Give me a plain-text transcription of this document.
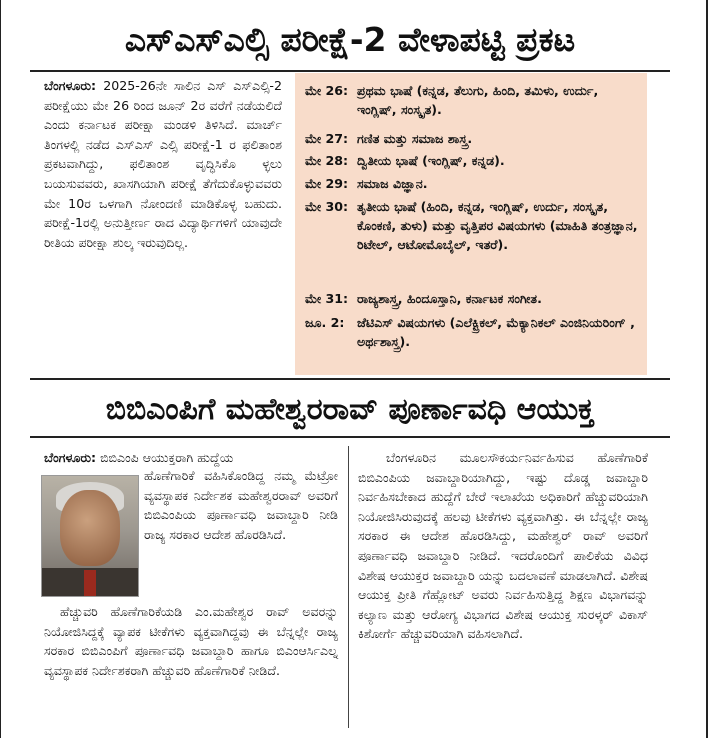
ಎಸ್ಎಸ್ಎಲ್ಸಿ ಪರೀಕ್ಷೆ-2 ವೇಳಾಪಟ್ಟಿ ಪ್ರಕಟ

ಬೆಂಗಳೂರು: 2025-26ನೇ ಸಾಲಿನ ಎಸ್ ಎಸ್ಎಲ್ಸಿ-2 ಪರೀಕ್ಷೆಯು ಮೇ 26 ರಿಂದ ಜೂನ್ 2ರ ವರೆಗೆ ನಡೆಯಲಿದೆ ಎಂದು ಕರ್ನಾಟಕ ಪರೀಕ್ಷಾ ಮಂಡಳಿ ತಿಳಿಸಿದೆ. ಮಾರ್ಚ್ ತಿಂಗಳಲ್ಲಿ ನಡೆದ ಎಸ್ಎಸ್ ಎಲ್ಸಿ ಪರೀಕ್ಷೆ-1 ರ ಫಲಿತಾಂಶ ಪ್ರಕಟವಾಗಿದ್ದು, ಫಲಿತಾಂಶ ವೃದ್ಧಿಸಿಕೊ ಳ್ಳಲು ಬಯಸುವವರು, ಖಾಸಗಿಯಾಗಿ ಪರೀಕ್ಷೆ ತೆಗೆದುಕೊಳ್ಳುವವರು ಮೇ 10ರ ಒಳಗಾಗಿ ನೋಂದಣಿ ಮಾಡಿಕೊಳ್ಳ ಬಹುದು. ಪರೀಕ್ಷೆ-1ರಲ್ಲಿ ಅನುತ್ತೀರ್ಣ ರಾದ ವಿದ್ಯಾರ್ಥಿಗಳಿಗೆ ಯಾವುದೇ ರೀತಿಯ ಪರೀಕ್ಷಾ ಶುಲ್ಕ ಇರುವುದಿಲ್ಲ.

ಮೇ 26: ಪ್ರಥಮ ಭಾಷೆ (ಕನ್ನಡ, ತೆಲುಗು, ಹಿಂದಿ, ತಮಿಳು, ಉರ್ದು, ಇಂಗ್ಲಿಷ್, ಸಂಸ್ಕೃತ).
ಮೇ 27: ಗಣಿತ ಮತ್ತು ಸಮಾಜ ಶಾಸ್ತ್ರ.
ಮೇ 28: ದ್ವಿತೀಯ ಭಾಷೆ (ಇಂಗ್ಲಿಷ್, ಕನ್ನಡ).
ಮೇ 29: ಸಮಾಜ ವಿಜ್ಞಾನ.
ಮೇ 30: ತೃತೀಯ ಭಾಷೆ (ಹಿಂದಿ, ಕನ್ನಡ, ಇಂಗ್ಲಿಷ್, ಉರ್ದು, ಸಂಸ್ಕೃತ, ಕೊಂಕಣಿ, ತುಳು) ಮತ್ತು ವೃತ್ತಿಪರ ವಿಷಯಗಳು (ಮಾಹಿತಿ ತಂತ್ರಜ್ಞಾನ, ರಿಟೇಲ್, ಆಟೋಮೊಬೈಲ್, ಇತರೆ).
ಮೇ 31: ರಾಜ್ಯಶಾಸ್ತ್ರ, ಹಿಂದೂಸ್ತಾನಿ, ಕರ್ನಾಟಕ ಸಂಗೀತ.
ಜೂ. 2: ಜೆಟಿಎಸ್ ವಿಷಯಗಳು (ಎಲೆಕ್ಟ್ರಿಕಲ್, ಮೆಕ್ಯಾನಿಕಲ್ ಎಂಜಿನಿಯರಿಂಗ್ , ಅರ್ಥಶಾಸ್ತ್ರ).
ಬಿಬಿಎಂಪಿಗೆ ಮಹೇಶ್ವರರಾವ್ ಪೂರ್ಣಾವಧಿ ಆಯುಕ್ತ

ಬೆಂಗಳೂರು: ಬಿಬಿಎಂಪಿ ಆಯುಕ್ತರಾಗಿ ಹುದ್ದೆಯ

ಹೊಣೆಗಾರಿಕೆ ವಹಿಸಿಕೊಂಡಿದ್ದ ನಮ್ಮ ಮೆಟ್ರೋ ವ್ಯವಸ್ಥಾಪಕ ನಿರ್ದೇಶಕ ಮಹೇಶ್ವರರಾವ್ ಅವರಿಗೆ ಬಿಬಿಎಂಪಿಯ ಪೂರ್ಣಾವಧಿ ಜವಾಬ್ದಾರಿ ನೀಡಿ ರಾಜ್ಯ ಸರಕಾರ ಆದೇಶ ಹೊರಡಿಸಿದೆ.

ಹೆಚ್ಚುವರಿ ಹೊಣೆಗಾರಿಕೆಯಡಿ ಎಂ.ಮಹೇಶ್ವರ ರಾವ್ ಅವರನ್ನು ನಿಯೋಜಿಸಿದ್ದಕ್ಕೆ ವ್ಯಾಪಕ ಟೀಕೆಗಳು ವ್ಯಕ್ತವಾಗಿದ್ದವು ಈ ಬೆನ್ನಲ್ಲೇ ರಾಜ್ಯ ಸರಕಾರ ಬಿಬಿಎಂಪಿಗೆ ಪೂರ್ಣಾವಧಿ ಜವಾಬ್ದಾರಿ ಹಾಗೂ ಬಿಎಂಆರ್ಸಿಎಲ್ನ ವ್ಯವಸ್ಥಾಪಕ ನಿರ್ದೇಶಕರಾಗಿ ಹೆಚ್ಚುವರಿ ಹೊಣೆಗಾರಿಕೆ ನೀಡಿದೆ.

ಬೆಂಗಳೂರಿನ ಮೂಲಸೌಕರ್ಯನಿರ್ವಹಿಸುವ ಹೊಣೆಗಾರಿಕೆ ಬಿಬಿಎಂಪಿಯ ಜವಾಬ್ದಾರಿಯಾಗಿದ್ದು, ಇಷ್ಟು ದೊಡ್ಡ ಜವಾಬ್ದಾರಿ ನಿರ್ವಹಿಸಬೇಕಾದ ಹುದ್ದೆಗೆ ಬೇರೆ ಇಲಾಖೆಯ ಅಧಿಕಾರಿಗೆ ಹೆಚ್ಚುವರಿಯಾಗಿ ನಿಯೋಜಿಸಿರುವುದಕ್ಕೆ ಹಲವು ಟೀಕೆಗಳು ವ್ಯಕ್ತವಾಗಿತ್ತು. ಈ ಬೆನ್ನಲ್ಲೇ ರಾಜ್ಯ ಸರಕಾರ ಈ ಆದೇಶ ಹೊರಡಿಸಿದ್ದು, ಮಹೇಶ್ವರ್ ರಾವ್ ಅವರಿಗೆ ಪೂರ್ಣಾವಧಿ ಜವಾಬ್ದಾರಿ ನೀಡಿದೆ. ಇದರೊಂದಿಗೆ ಪಾಲಿಕೆಯ ವಿವಿಧ ವಿಶೇಷ ಆಯುಕ್ತರ ಜವಾಬ್ದಾರಿ ಯನ್ನು ಬದಲಾವಣೆ ಮಾಡಲಾಗಿದೆ. ವಿಶೇಷ ಆಯುಕ್ತ ಪ್ರೀತಿ ಗೆಹ್ಲೋಟ್ ಅವರು ನಿರ್ವಹಿಸುತ್ತಿದ್ದ ಶಿಕ್ಷಣ ವಿಭಾಗವನ್ನು ಕಲ್ಯಾಣ ಮತ್ತು ಆರೋಗ್ಯ ವಿಭಾಗದ ವಿಶೇಷ ಆಯುಕ್ತ ಸುರಳ್ಕರ್ ವಿಕಾಸ್ ಕಿಶೋರ್ಗೆ ಹೆಚ್ಚುವರಿಯಾಗಿ ವಹಿಸಲಾಗಿದೆ.
